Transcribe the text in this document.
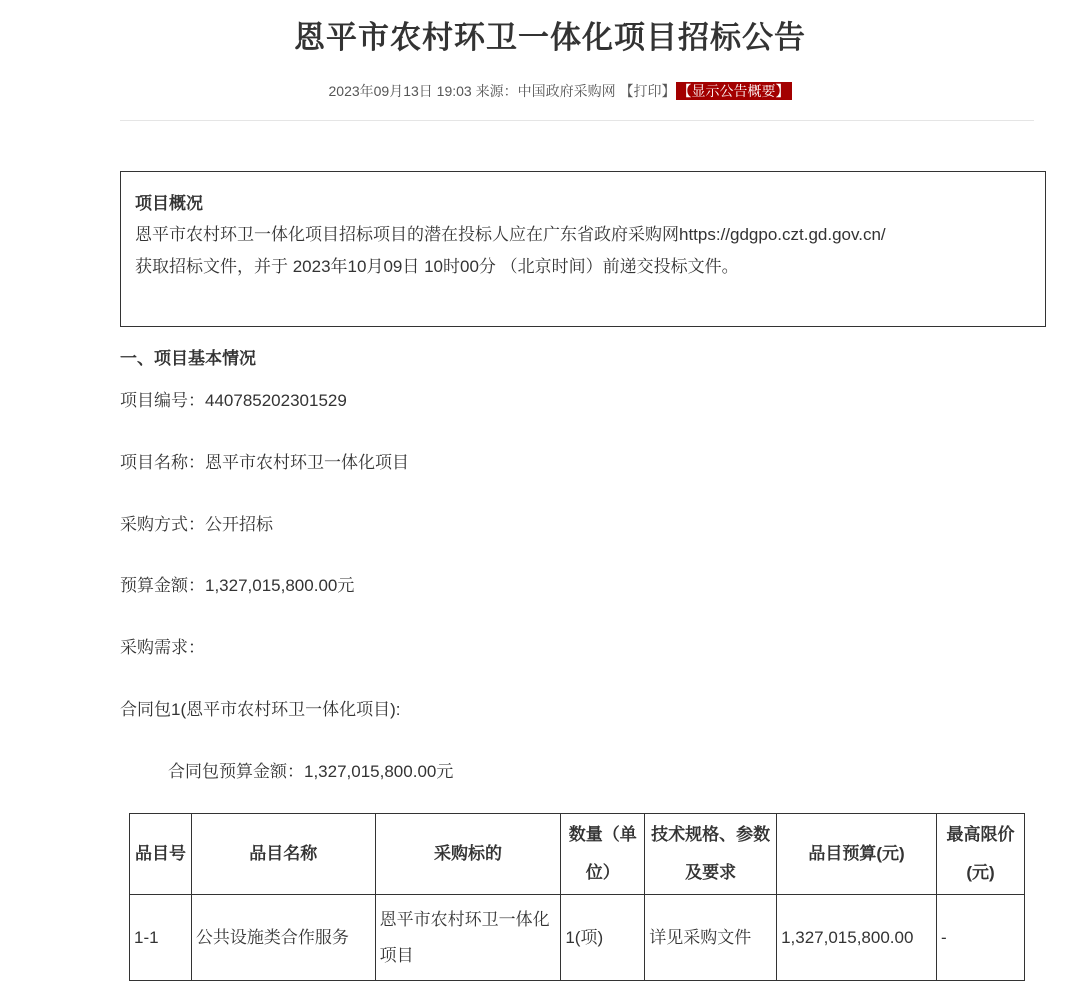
恩平市农村环卫一体化项目招标公告
2023年09月13日 19:03 来源：中国政府采购网 【打印】 【显示公告概要】
项目概况
恩平市农村环卫一体化项目招标项目的潜在投标人应在广东省政府采购网https://gdgpo.czt.gd.gov.cn/
获取招标文件，并于 2023年10月09日 10时00分 （北京时间）前递交投标文件。
一、项目基本情况
项目编号：440785202301529
项目名称：恩平市农村环卫一体化项目
采购方式：公开招标
预算金额：1,327,015,800.00元
采购需求：
合同包1(恩平市农村环卫一体化项目):
合同包预算金额：1,327,015,800.00元
品目号	品目名称	采购标的	数量（单位）	技术规格、参数及要求	品目预算(元)	最高限价(元)
1-1	公共设施类合作服务	恩平市农村环卫一体化项目	1(项)	详见采购文件	1,327,015,800.00	-
